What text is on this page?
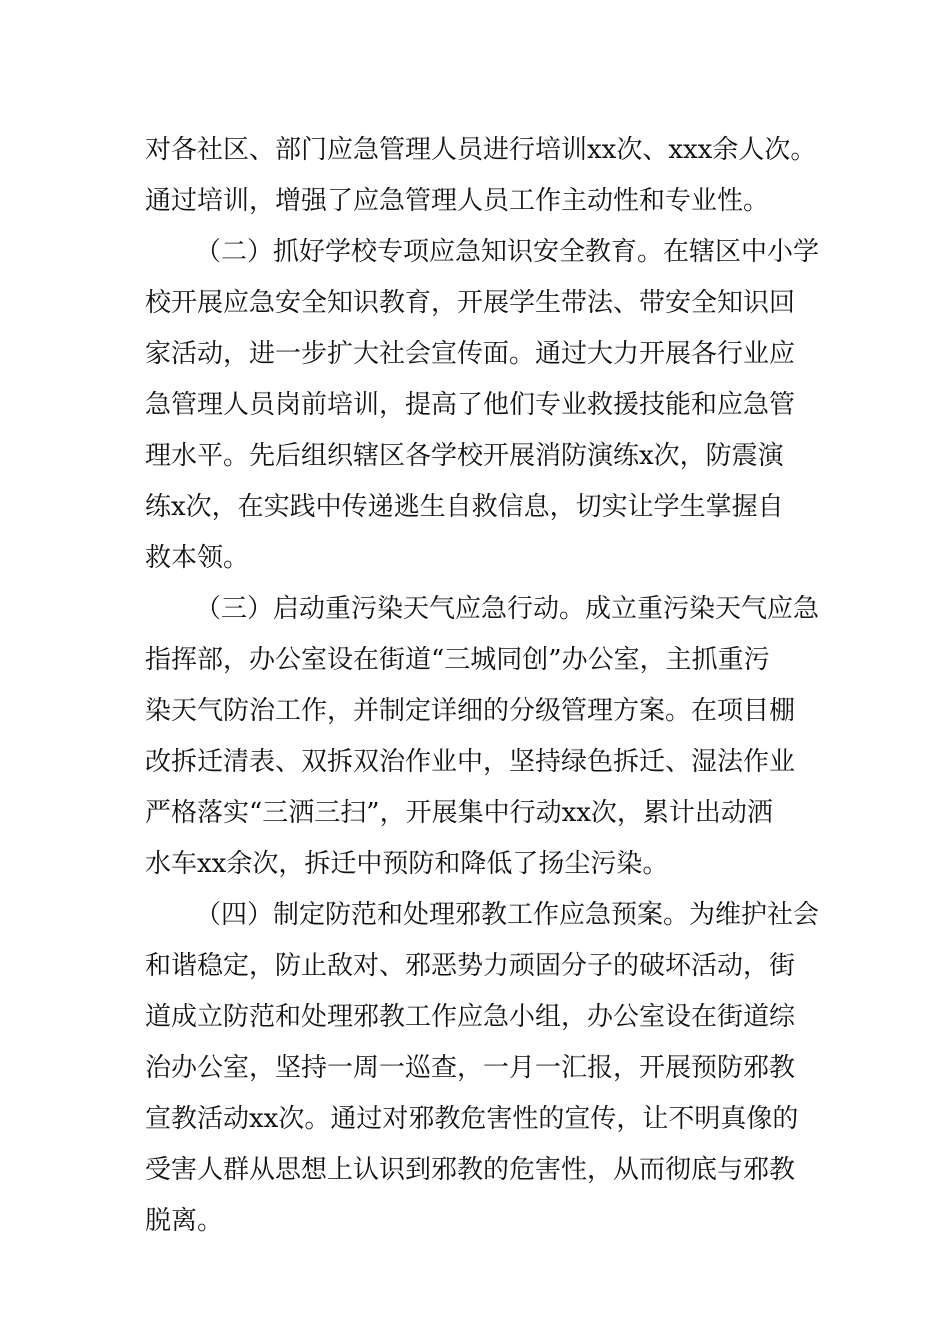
对各社区、部门应急管理人员进行培训xx次、xxx余人次。
通过培训，增强了应急管理人员工作主动性和专业性。
（二）抓好学校专项应急知识安全教育。在辖区中小学
校开展应急安全知识教育，开展学生带法、带安全知识回
家活动，进一步扩大社会宣传面。通过大力开展各行业应
急管理人员岗前培训，提高了他们专业救援技能和应急管
理水平。先后组织辖区各学校开展消防演练x次，防震演
练x次，在实践中传递逃生自救信息，切实让学生掌握自
救本领。
（三）启动重污染天气应急行动。成立重污染天气应急
指挥部，办公室设在街道“三城同创”办公室，主抓重污
染天气防治工作，并制定详细的分级管理方案。在项目棚
改拆迁清表、双拆双治作业中，坚持绿色拆迁、湿法作业
严格落实“三洒三扫”，开展集中行动xx次，累计出动洒
水车xx余次，拆迁中预防和降低了扬尘污染。
（四）制定防范和处理邪教工作应急预案。为维护社会
和谐稳定，防止敌对、邪恶势力顽固分子的破坏活动，街
道成立防范和处理邪教工作应急小组，办公室设在街道综
治办公室，坚持一周一巡查，一月一汇报，开展预防邪教
宣教活动xx次。通过对邪教危害性的宣传，让不明真像的
受害人群从思想上认识到邪教的危害性，从而彻底与邪教
脱离。
